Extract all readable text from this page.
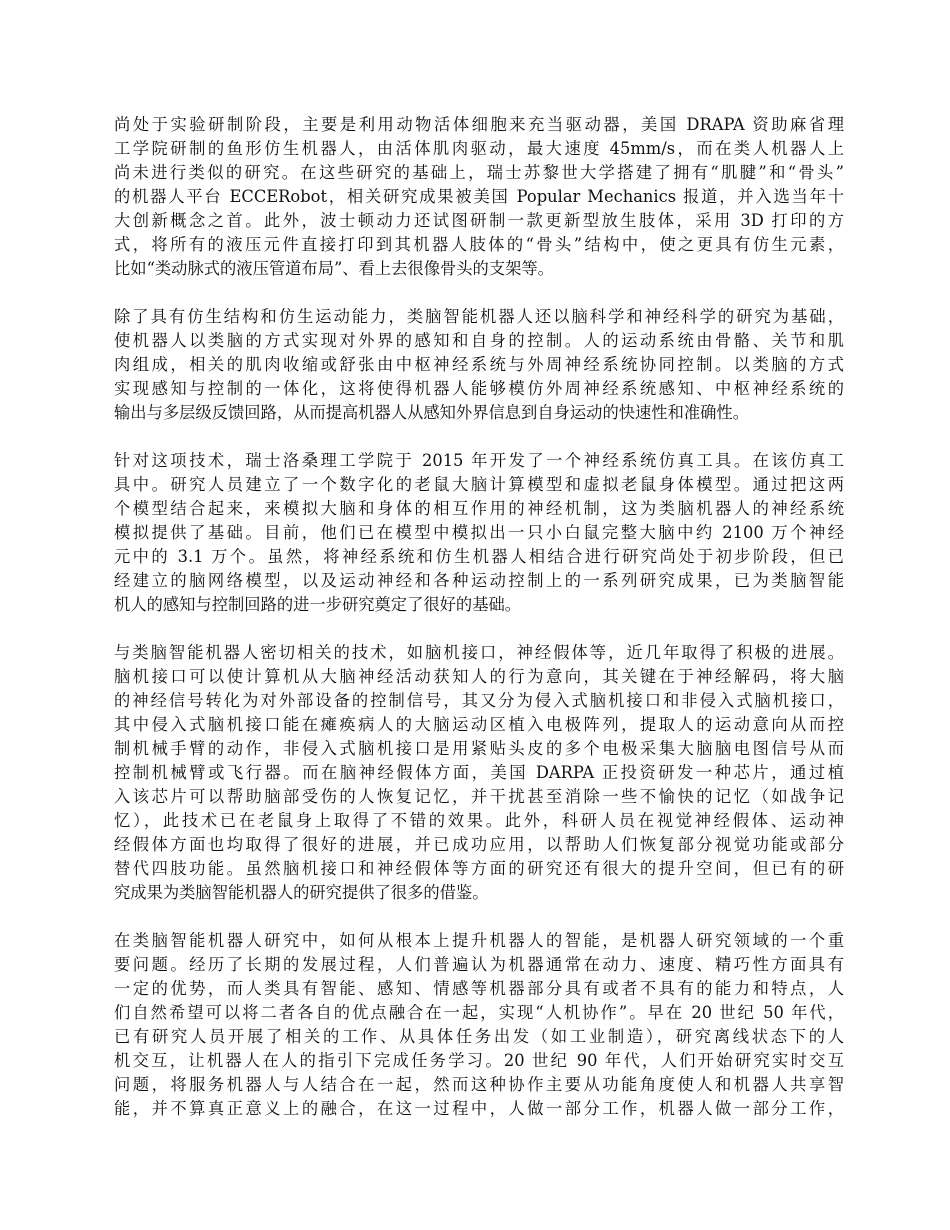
尚处于实验研制阶段，主要是利用动物活体细胞来充当驱动器，美国 DRAPA 资助麻省理
工学院研制的鱼形仿生机器人，由活体肌肉驱动，最大速度 45mm/s，而在类人机器人上
尚未进行类似的研究。在这些研究的基础上，瑞士苏黎世大学搭建了拥有“肌腱”和“骨头”
的机器人平台 ECCERobot，相关研究成果被美国 Popular Mechanics 报道，并入选当年十
大创新概念之首。此外，波士顿动力还试图研制一款更新型放生肢体，采用 3D 打印的方
式，将所有的液压元件直接打印到其机器人肢体的“骨头”结构中，使之更具有仿生元素，
比如“类动脉式的液压管道布局”、看上去很像骨头的支架等。
除了具有仿生结构和仿生运动能力，类脑智能机器人还以脑科学和神经科学的研究为基础，
使机器人以类脑的方式实现对外界的感知和自身的控制。人的运动系统由骨骼、关节和肌
肉组成，相关的肌肉收缩或舒张由中枢神经系统与外周神经系统协同控制。以类脑的方式
实现感知与控制的一体化，这将使得机器人能够模仿外周神经系统感知、中枢神经系统的
输出与多层级反馈回路，从而提高机器人从感知外界信息到自身运动的快速性和准确性。
针对这项技术，瑞士洛桑理工学院于 2015 年开发了一个神经系统仿真工具。在该仿真工
具中。研究人员建立了一个数字化的老鼠大脑计算模型和虚拟老鼠身体模型。通过把这两
个模型结合起来，来模拟大脑和身体的相互作用的神经机制，这为类脑机器人的神经系统
模拟提供了基础。目前，他们已在模型中模拟出一只小白鼠完整大脑中约 2100 万个神经
元中的 3.1 万个。虽然，将神经系统和仿生机器人相结合进行研究尚处于初步阶段，但已
经建立的脑网络模型，以及运动神经和各种运动控制上的一系列研究成果，已为类脑智能
机人的感知与控制回路的进一步研究奠定了很好的基础。
与类脑智能机器人密切相关的技术，如脑机接口，神经假体等，近几年取得了积极的进展。
脑机接口可以使计算机从大脑神经活动获知人的行为意向，其关键在于神经解码，将大脑
的神经信号转化为对外部设备的控制信号，其又分为侵入式脑机接口和非侵入式脑机接口，
其中侵入式脑机接口能在瘫痪病人的大脑运动区植入电极阵列，提取人的运动意向从而控
制机械手臂的动作，非侵入式脑机接口是用紧贴头皮的多个电极采集大脑脑电图信号从而
控制机械臂或飞行器。而在脑神经假体方面，美国 DARPA 正投资研发一种芯片，通过植
入该芯片可以帮助脑部受伤的人恢复记忆，并干扰甚至消除一些不愉快的记忆（如战争记
忆），此技术已在老鼠身上取得了不错的效果。此外，科研人员在视觉神经假体、运动神
经假体方面也均取得了很好的进展，并已成功应用，以帮助人们恢复部分视觉功能或部分
替代四肢功能。虽然脑机接口和神经假体等方面的研究还有很大的提升空间，但已有的研
究成果为类脑智能机器人的研究提供了很多的借鉴。
在类脑智能机器人研究中，如何从根本上提升机器人的智能，是机器人研究领域的一个重
要问题。经历了长期的发展过程，人们普遍认为机器通常在动力、速度、精巧性方面具有
一定的优势，而人类具有智能、感知、情感等机器部分具有或者不具有的能力和特点，人
们自然希望可以将二者各自的优点融合在一起，实现“人机协作”。早在 20 世纪 50 年代，
已有研究人员开展了相关的工作、从具体任务出发（如工业制造），研究离线状态下的人
机交互，让机器人在人的指引下完成任务学习。20 世纪 90 年代，人们开始研究实时交互
问题，将服务机器人与人结合在一起，然而这种协作主要从功能角度使人和机器人共享智
能，并不算真正意义上的融合，在这一过程中，人做一部分工作，机器人做一部分工作，
